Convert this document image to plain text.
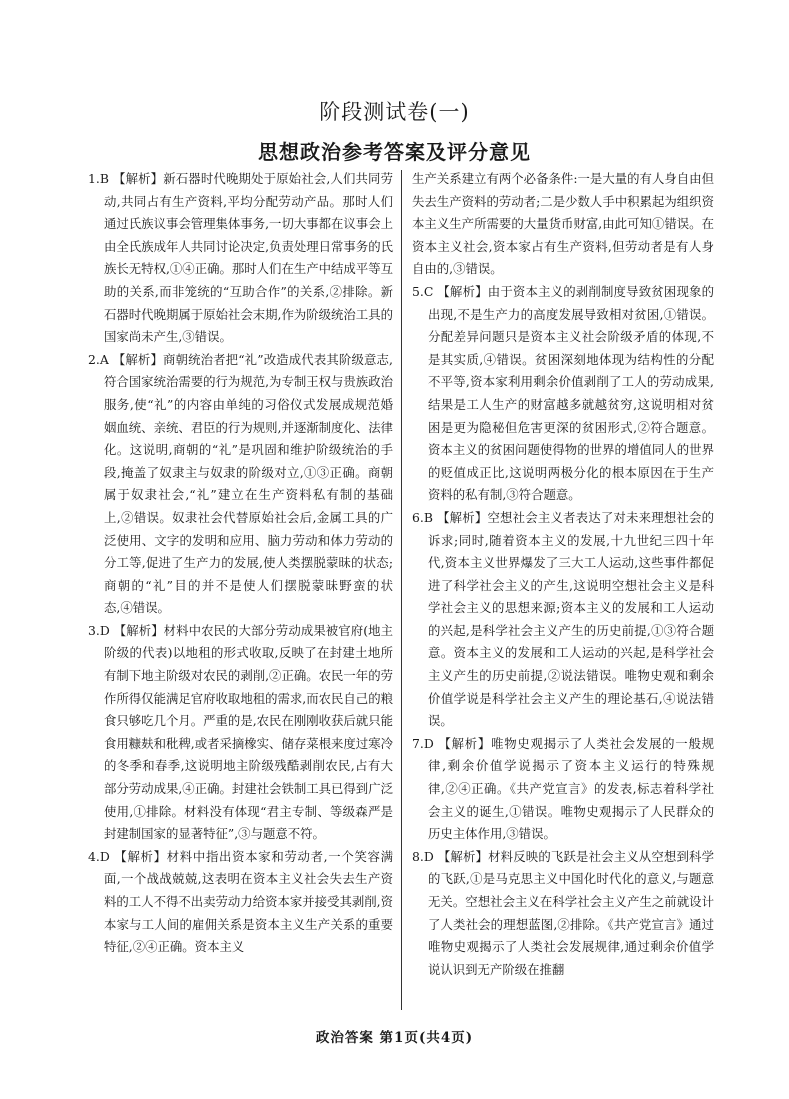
阶段测试卷(一)
思想政治参考答案及评分意见

1.B 【解析】新石器时代晚期处于原始社会,人们共同劳动,共同占有生产资料,平均分配劳动产品。那时人们通过氏族议事会管理集体事务,一切大事都在议事会上由全氏族成年人共同讨论决定,负责处理日常事务的氏族长无特权,①④正确。那时人们在生产中结成平等互助的关系,而非笼统的“互助合作”的关系,②排除。新石器时代晚期属于原始社会末期,作为阶级统治工具的国家尚未产生,③错误。

2.A 【解析】商朝统治者把“礼”改造成代表其阶级意志,符合国家统治需要的行为规范,为专制王权与贵族政治服务,使“礼”的内容由单纯的习俗仪式发展成规范婚姻血统、亲统、君臣的行为规则,并逐渐制度化、法律化。这说明,商朝的“礼”是巩固和维护阶级统治的手段,掩盖了奴隶主与奴隶的阶级对立,①③正确。商朝属于奴隶社会,“礼”建立在生产资料私有制的基础上,②错误。奴隶社会代替原始社会后,金属工具的广泛使用、文字的发明和应用、脑力劳动和体力劳动的分工等,促进了生产力的发展,使人类摆脱蒙昧的状态;商朝的“礼”目的并不是使人们摆脱蒙昧野蛮的状态,④错误。

3.D 【解析】材料中农民的大部分劳动成果被官府(地主阶级的代表)以地租的形式收取,反映了在封建土地所有制下地主阶级对农民的剥削,②正确。农民一年的劳作所得仅能满足官府收取地租的需求,而农民自己的粮食只够吃几个月。严重的是,农民在刚刚收获后就只能食用糠麸和秕稗,或者采摘橡实、储存菜根来度过寒冷的冬季和春季,这说明地主阶级残酷剥削农民,占有大部分劳动成果,④正确。封建社会铁制工具已得到广泛使用,①排除。材料没有体现“君主专制、等级森严是封建制国家的显著特征”,③与题意不符。

4.D 【解析】材料中指出资本家和劳动者,一个笑容满面,一个战战兢兢,这表明在资本主义社会失去生产资料的工人不得不出卖劳动力给资本家并接受其剥削,资本家与工人间的雇佣关系是资本主义生产关系的重要特征,②④正确。资本主义

生产关系建立有两个必备条件:一是大量的有人身自由但失去生产资料的劳动者;二是少数人手中积累起为组织资本主义生产所需要的大量货币财富,由此可知①错误。在资本主义社会,资本家占有生产资料,但劳动者是有人身自由的,③错误。

5.C 【解析】由于资本主义的剥削制度导致贫困现象的出现,不是生产力的高度发展导致相对贫困,①错误。分配差异问题只是资本主义社会阶级矛盾的体现,不是其实质,④错误。贫困深刻地体现为结构性的分配不平等,资本家利用剩余价值剥削了工人的劳动成果,结果是工人生产的财富越多就越贫穷,这说明相对贫困是更为隐秘但危害更深的贫困形式,②符合题意。资本主义的贫困问题使得物的世界的增值同人的世界的贬值成正比,这说明两极分化的根本原因在于生产资料的私有制,③符合题意。

6.B 【解析】空想社会主义者表达了对未来理想社会的诉求;同时,随着资本主义的发展,十九世纪三四十年代,资本主义世界爆发了三大工人运动,这些事件都促进了科学社会主义的产生,这说明空想社会主义是科学社会主义的思想来源;资本主义的发展和工人运动的兴起,是科学社会主义产生的历史前提,①③符合题意。资本主义的发展和工人运动的兴起,是科学社会主义产生的历史前提,②说法错误。唯物史观和剩余价值学说是科学社会主义产生的理论基石,④说法错误。

7.D 【解析】唯物史观揭示了人类社会发展的一般规律,剩余价值学说揭示了资本主义运行的特殊规律,②④正确。《共产党宣言》的发表,标志着科学社会主义的诞生,①错误。唯物史观揭示了人民群众的历史主体作用,③错误。

8.D 【解析】材料反映的飞跃是社会主义从空想到科学的飞跃,①是马克思主义中国化时代化的意义,与题意无关。空想社会主义在科学社会主义产生之前就设计了人类社会的理想蓝图,②排除。《共产党宣言》通过唯物史观揭示了人类社会发展规律,通过剩余价值学说认识到无产阶级在推翻

政治答案 第1页(共4页)
